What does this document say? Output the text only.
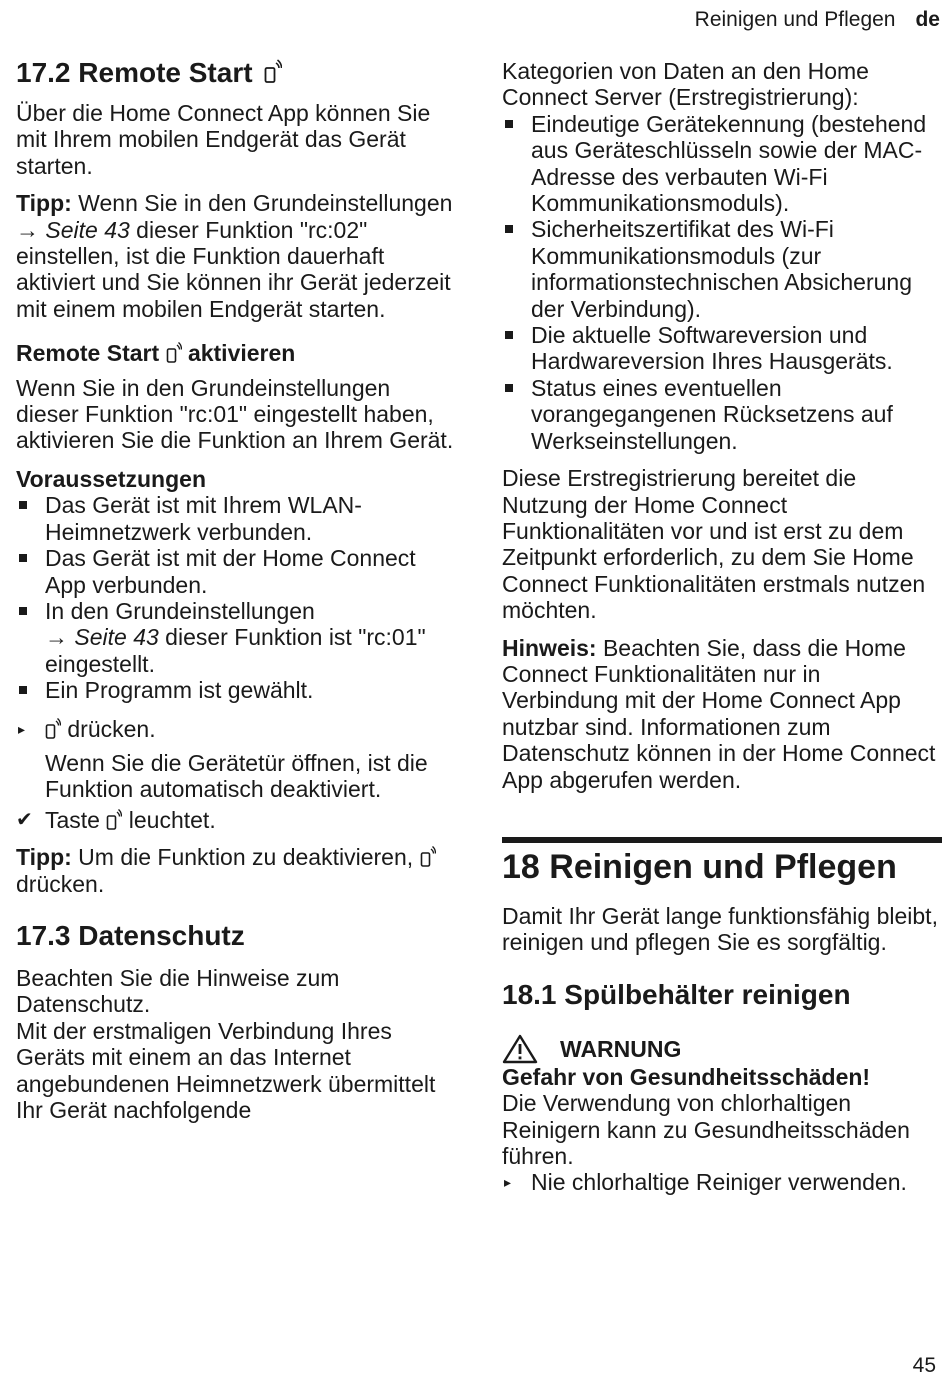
Reinigen und Pflegen de
17.2 Remote Start

Über die Home Connect App können Sie mit Ihrem mobilen Endgerät das Gerät starten.

Tipp: Wenn Sie in den Grundeinstellungen → Seite 43 dieser Funktion "rc:02" einstellen, ist die Funktion dauerhaft aktiviert und Sie können ihr Gerät jederzeit mit einem mobilen Endgerät starten.

Remote Start aktivieren

Wenn Sie in den Grundeinstellungen dieser Funktion "rc:01" eingestellt haben, aktivieren Sie die Funktion an Ihrem Gerät.

Voraussetzungen

Das Gerät ist mit Ihrem WLAN-Heimnetzwerk verbunden.
Das Gerät ist mit der Home Connect App verbunden.
In den Grundeinstellungen
→ Seite 43 dieser Funktion ist "rc:01" eingestellt.
Ein Programm ist gewählt.
▸ drücken.

Wenn Sie die Gerätetür öffnen, ist die Funktion automatisch deaktiviert.

✔ Taste leuchtet.

Tipp: Um die Funktion zu deaktivieren,  drücken.

17.3 Datenschutz

Beachten Sie die Hinweise zum Datenschutz.

Mit der erstmaligen Verbindung Ihres Geräts mit einem an das Internet angebundenen Heimnetzwerk übermittelt Ihr Gerät nachfolgende

Kategorien von Daten an den Home Connect Server (Erstregistrierung):

Eindeutige Gerätekennung (bestehend aus Geräteschlüsseln sowie der MAC-Adresse des verbauten Wi-Fi Kommunikationsmoduls).
Sicherheitszertifikat des Wi-Fi Kommunikationsmoduls (zur informationstechnischen Absicherung der Verbindung).
Die aktuelle Softwareversion und Hardwareversion Ihres Hausgeräts.
Status eines eventuellen vorangegangenen Rücksetzens auf Werkseinstellungen.

Diese Erstregistrierung bereitet die Nutzung der Home Connect Funktionalitäten vor und ist erst zu dem Zeitpunkt erforderlich, zu dem Sie Home Connect Funktionalitäten erstmals nutzen möchten.

Hinweis: Beachten Sie, dass die Home Connect Funktionalitäten nur in Verbindung mit der Home Connect App nutzbar sind. Informationen zum Datenschutz können in der Home Connect App abgerufen werden.

18 Reinigen und Pflegen

Damit Ihr Gerät lange funktionsfähig bleibt, reinigen und pflegen Sie es sorgfältig.

18.1 Spülbehälter reinigen
WARNUNG

Gefahr von Gesundheitsschäden!

Die Verwendung von chlorhaltigen Reinigern kann zu Gesundheitsschäden führen.

▸ Nie chlorhaltige Reiniger verwenden.
45
